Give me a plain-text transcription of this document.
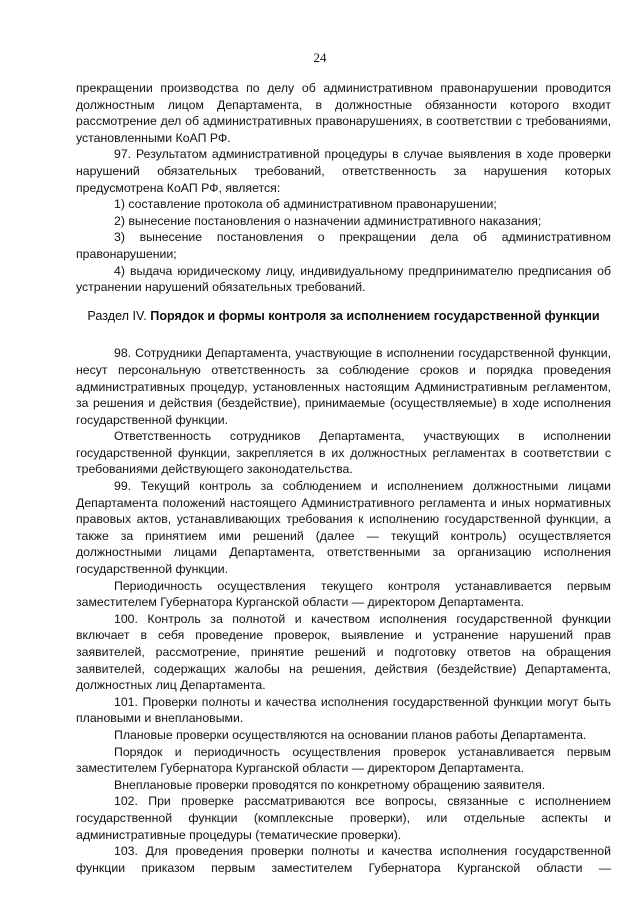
24

прекращении производства по делу об административном правонарушении проводится должностным лицом Департамента, в должностные обязанности которого входит рассмотрение дел об административных правонарушениях, в соответствии с требованиями, установленными КоАП РФ.

97. Результатом административной процедуры в случае выявления в ходе проверки нарушений обязательных требований, ответственность за нарушения которых предусмотрена КоАП РФ, является:

1) составление протокола об административном правонарушении;

2) вынесение постановления о назначении административного наказания;

3) вынесение постановления о прекращении дела об административном правонарушении;

4) выдача юридическому лицу, индивидуальному предпринимателю предписания об устранении нарушений обязательных требований.

Раздел IV. Порядок и формы контроля за исполнением государственной функции

98. Сотрудники Департамента, участвующие в исполнении государственной функции, несут персональную ответственность за соблюдение сроков и порядка проведения административных процедур, установленных настоящим Административным регламентом, за решения и действия (бездействие), принимаемые (осуществляемые) в ходе исполнения государственной функции.

Ответственность сотрудников Департамента, участвующих в исполнении государственной функции, закрепляется в их должностных регламентах в соответствии с требованиями действующего законодательства.

99. Текущий контроль за соблюдением и исполнением должностными лицами Департамента положений настоящего Административного регламента и иных нормативных правовых актов, устанавливающих требования к исполнению государственной функции, а также за принятием ими решений (далее — текущий контроль) осуществляется должностными лицами Департамента, ответственными за организацию исполнения государственной функции.

Периодичность осуществления текущего контроля устанавливается первым заместителем Губернатора Курганской области — директором Департамента.

100. Контроль за полнотой и качеством исполнения государственной функции включает в себя проведение проверок, выявление и устранение нарушений прав заявителей, рассмотрение, принятие решений и подготовку ответов на обращения заявителей, содержащих жалобы на решения, действия (бездействие) Департамента, должностных лиц Департамента.

101. Проверки полноты и качества исполнения государственной функции могут быть плановыми и внеплановыми.

Плановые проверки осуществляются на основании планов работы Департамента.

Порядок и периодичность осуществления проверок устанавливается первым заместителем Губернатора Курганской области — директором Департамента.

Внеплановые проверки проводятся по конкретному обращению заявителя.

102. При проверке рассматриваются все вопросы, связанные с исполнением государственной функции (комплексные проверки), или отдельные аспекты и административные процедуры (тематические проверки).

103. Для проведения проверки полноты и качества исполнения государственной функции приказом первым заместителем Губернатора Курганской области —
